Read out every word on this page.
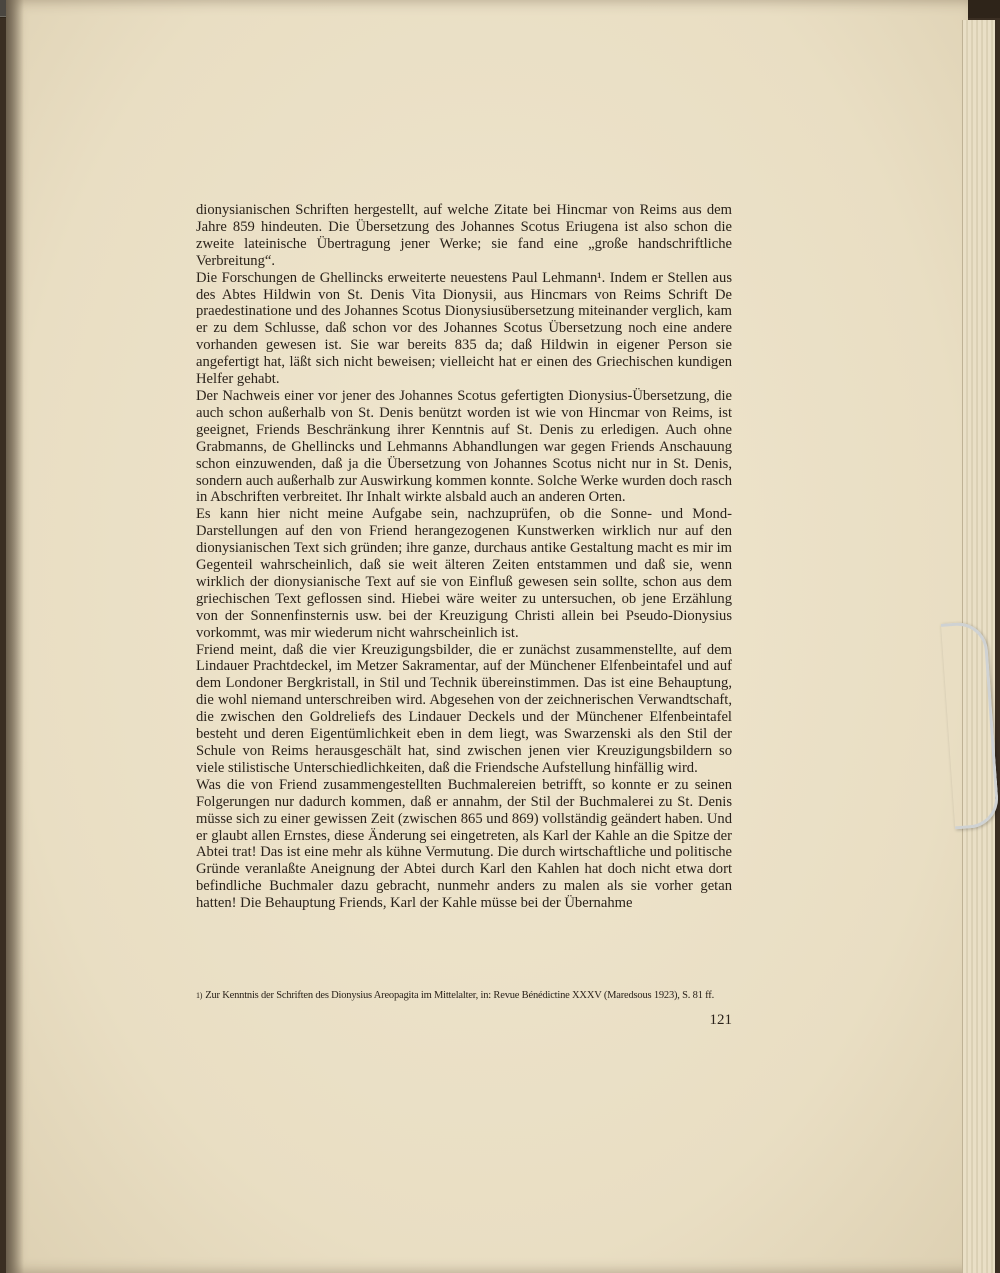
dionysianischen Schriften hergestellt, auf welche Zitate bei Hincmar von Reims aus dem Jahre 859 hindeuten. Die Übersetzung des Johannes Scotus Eriugena ist also schon die zweite lateinische Übertragung jener Werke; sie fand eine „große handschriftliche Verbreitung“.

Die Forschungen de Ghellincks erweiterte neuestens Paul Lehmann¹. Indem er Stellen aus des Abtes Hildwin von St. Denis Vita Dionysii, aus Hincmars von Reims Schrift De praedestinatione und des Johannes Scotus Dionysiusübersetzung miteinander verglich, kam er zu dem Schlusse, daß schon vor des Johannes Scotus Übersetzung noch eine andere vorhanden gewesen ist. Sie war bereits 835 da; daß Hildwin in eigener Person sie angefertigt hat, läßt sich nicht beweisen; vielleicht hat er einen des Griechischen kundigen Helfer gehabt.

Der Nachweis einer vor jener des Johannes Scotus gefertigten Dionysius-Übersetzung, die auch schon außerhalb von St. Denis benützt worden ist wie von Hincmar von Reims, ist geeignet, Friends Beschränkung ihrer Kenntnis auf St. Denis zu erledigen. Auch ohne Grabmanns, de Ghellincks und Lehmanns Abhandlungen war gegen Friends Anschauung schon einzuwenden, daß ja die Übersetzung von Johannes Scotus nicht nur in St. Denis, sondern auch außerhalb zur Auswirkung kommen konnte. Solche Werke wurden doch rasch in Abschriften verbreitet. Ihr Inhalt wirkte alsbald auch an anderen Orten.

Es kann hier nicht meine Aufgabe sein, nachzuprüfen, ob die Sonne- und Mond-Darstellungen auf den von Friend herangezogenen Kunstwerken wirklich nur auf den dionysianischen Text sich gründen; ihre ganze, durchaus antike Gestaltung macht es mir im Gegenteil wahrscheinlich, daß sie weit älteren Zeiten entstammen und daß sie, wenn wirklich der dionysianische Text auf sie von Einfluß gewesen sein sollte, schon aus dem griechischen Text geflossen sind. Hiebei wäre weiter zu untersuchen, ob jene Erzählung von der Sonnenfinsternis usw. bei der Kreuzigung Christi allein bei Pseudo-Dionysius vorkommt, was mir wiederum nicht wahrscheinlich ist.

Friend meint, daß die vier Kreuzigungsbilder, die er zunächst zusammenstellte, auf dem Lindauer Prachtdeckel, im Metzer Sakramentar, auf der Münchener Elfenbeintafel und auf dem Londoner Bergkristall, in Stil und Technik übereinstimmen. Das ist eine Behauptung, die wohl niemand unterschreiben wird. Abgesehen von der zeichnerischen Verwandtschaft, die zwischen den Goldreliefs des Lindauer Deckels und der Münchener Elfenbeintafel besteht und deren Eigentümlichkeit eben in dem liegt, was Swarzenski als den Stil der Schule von Reims herausgeschält hat, sind zwischen jenen vier Kreuzigungsbildern so viele stilistische Unterschiedlichkeiten, daß die Friendsche Aufstellung hinfällig wird.

Was die von Friend zusammengestellten Buchmalereien betrifft, so konnte er zu seinen Folgerungen nur dadurch kommen, daß er annahm, der Stil der Buchmalerei zu St. Denis müsse sich zu einer gewissen Zeit (zwischen 865 und 869) vollständig geändert haben. Und er glaubt allen Ernstes, diese Änderung sei eingetreten, als Karl der Kahle an die Spitze der Abtei trat! Das ist eine mehr als kühne Vermutung. Die durch wirtschaftliche und politische Gründe veranlaßte Aneignung der Abtei durch Karl den Kahlen hat doch nicht etwa dort befindliche Buchmaler dazu gebracht, nunmehr anders zu malen als sie vorher getan hatten! Die Behauptung Friends, Karl der Kahle müsse bei der Übernahme

1) Zur Kenntnis der Schriften des Dionysius Areopagita im Mittelalter, in: Revue Bénédictine XXXV (Maredsous 1923), S. 81 ff.
121
